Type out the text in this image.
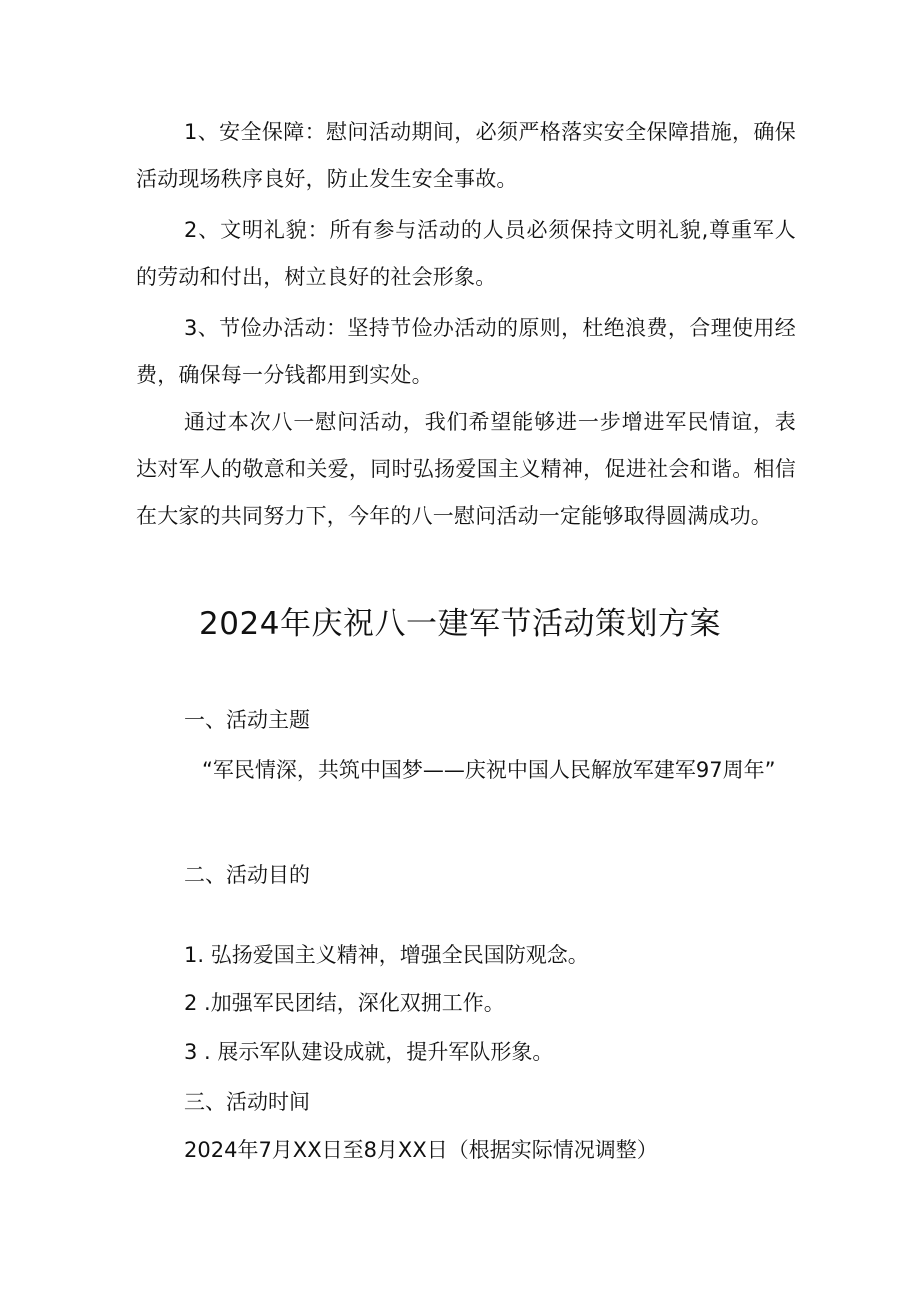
1、安全保障：慰问活动期间，必须严格落实安全保障措施，确保活动现场秩序良好，防止发生安全事故。

2、文明礼貌：所有参与活动的人员必须保持文明礼貌,尊重军人的劳动和付出，树立良好的社会形象。

3、节俭办活动：坚持节俭办活动的原则，杜绝浪费，合理使用经费，确保每一分钱都用到实处。

通过本次八一慰问活动，我们希望能够进一步增进军民情谊，表达对军人的敬意和关爱，同时弘扬爱国主义精神，促进社会和谐。相信在大家的共同努力下，今年的八一慰问活动一定能够取得圆满成功。

2024年庆祝八一建军节活动策划方案
一、活动主题

“军民情深，共筑中国梦——庆祝中国人民解放军建军97周年”

二、活动目的

1. 弘扬爱国主义精神，增强全民国防观念。

2 .加强军民团结，深化双拥工作。

3 . 展示军队建设成就，提升军队形象。

三、活动时间

2024年7月XX日至8月XX日（根据实际情况调整）
